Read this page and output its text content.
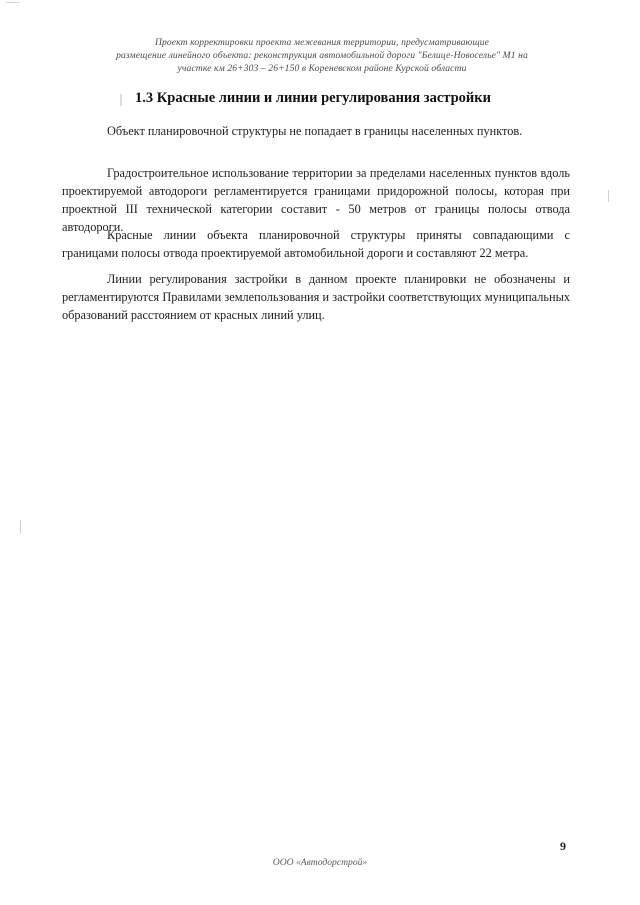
Проект корректировки проекта межевания территории, предусматривающие
размещение линейного объекта: реконструкция автомобильной дороги "Белице-Новоселье" М1 на
участке км 26+303 – 26+150 в Кореневском районе Курской области
1.3 Красные линии и линии регулирования застройки
Объект планировочной структуры не попадает в границы населенных пунктов.
Градостроительное использование территории за пределами населенных пунктов вдоль проектируемой автодороги регламентируется границами придорожной полосы, которая при проектной III технической категории составит - 50 метров от границы полосы отвода автодороги.
Красные линии объекта планировочной структуры приняты совпадающими с границами полосы отвода проектируемой автомобильной дороги и составляют 22 метра.
Линии регулирования застройки в данном проекте планировки не обозначены и регламентируются Правилами землепользования и застройки соответствующих муниципальных образований расстоянием от красных линий улиц.
9
ООО «Автодорстрой»
